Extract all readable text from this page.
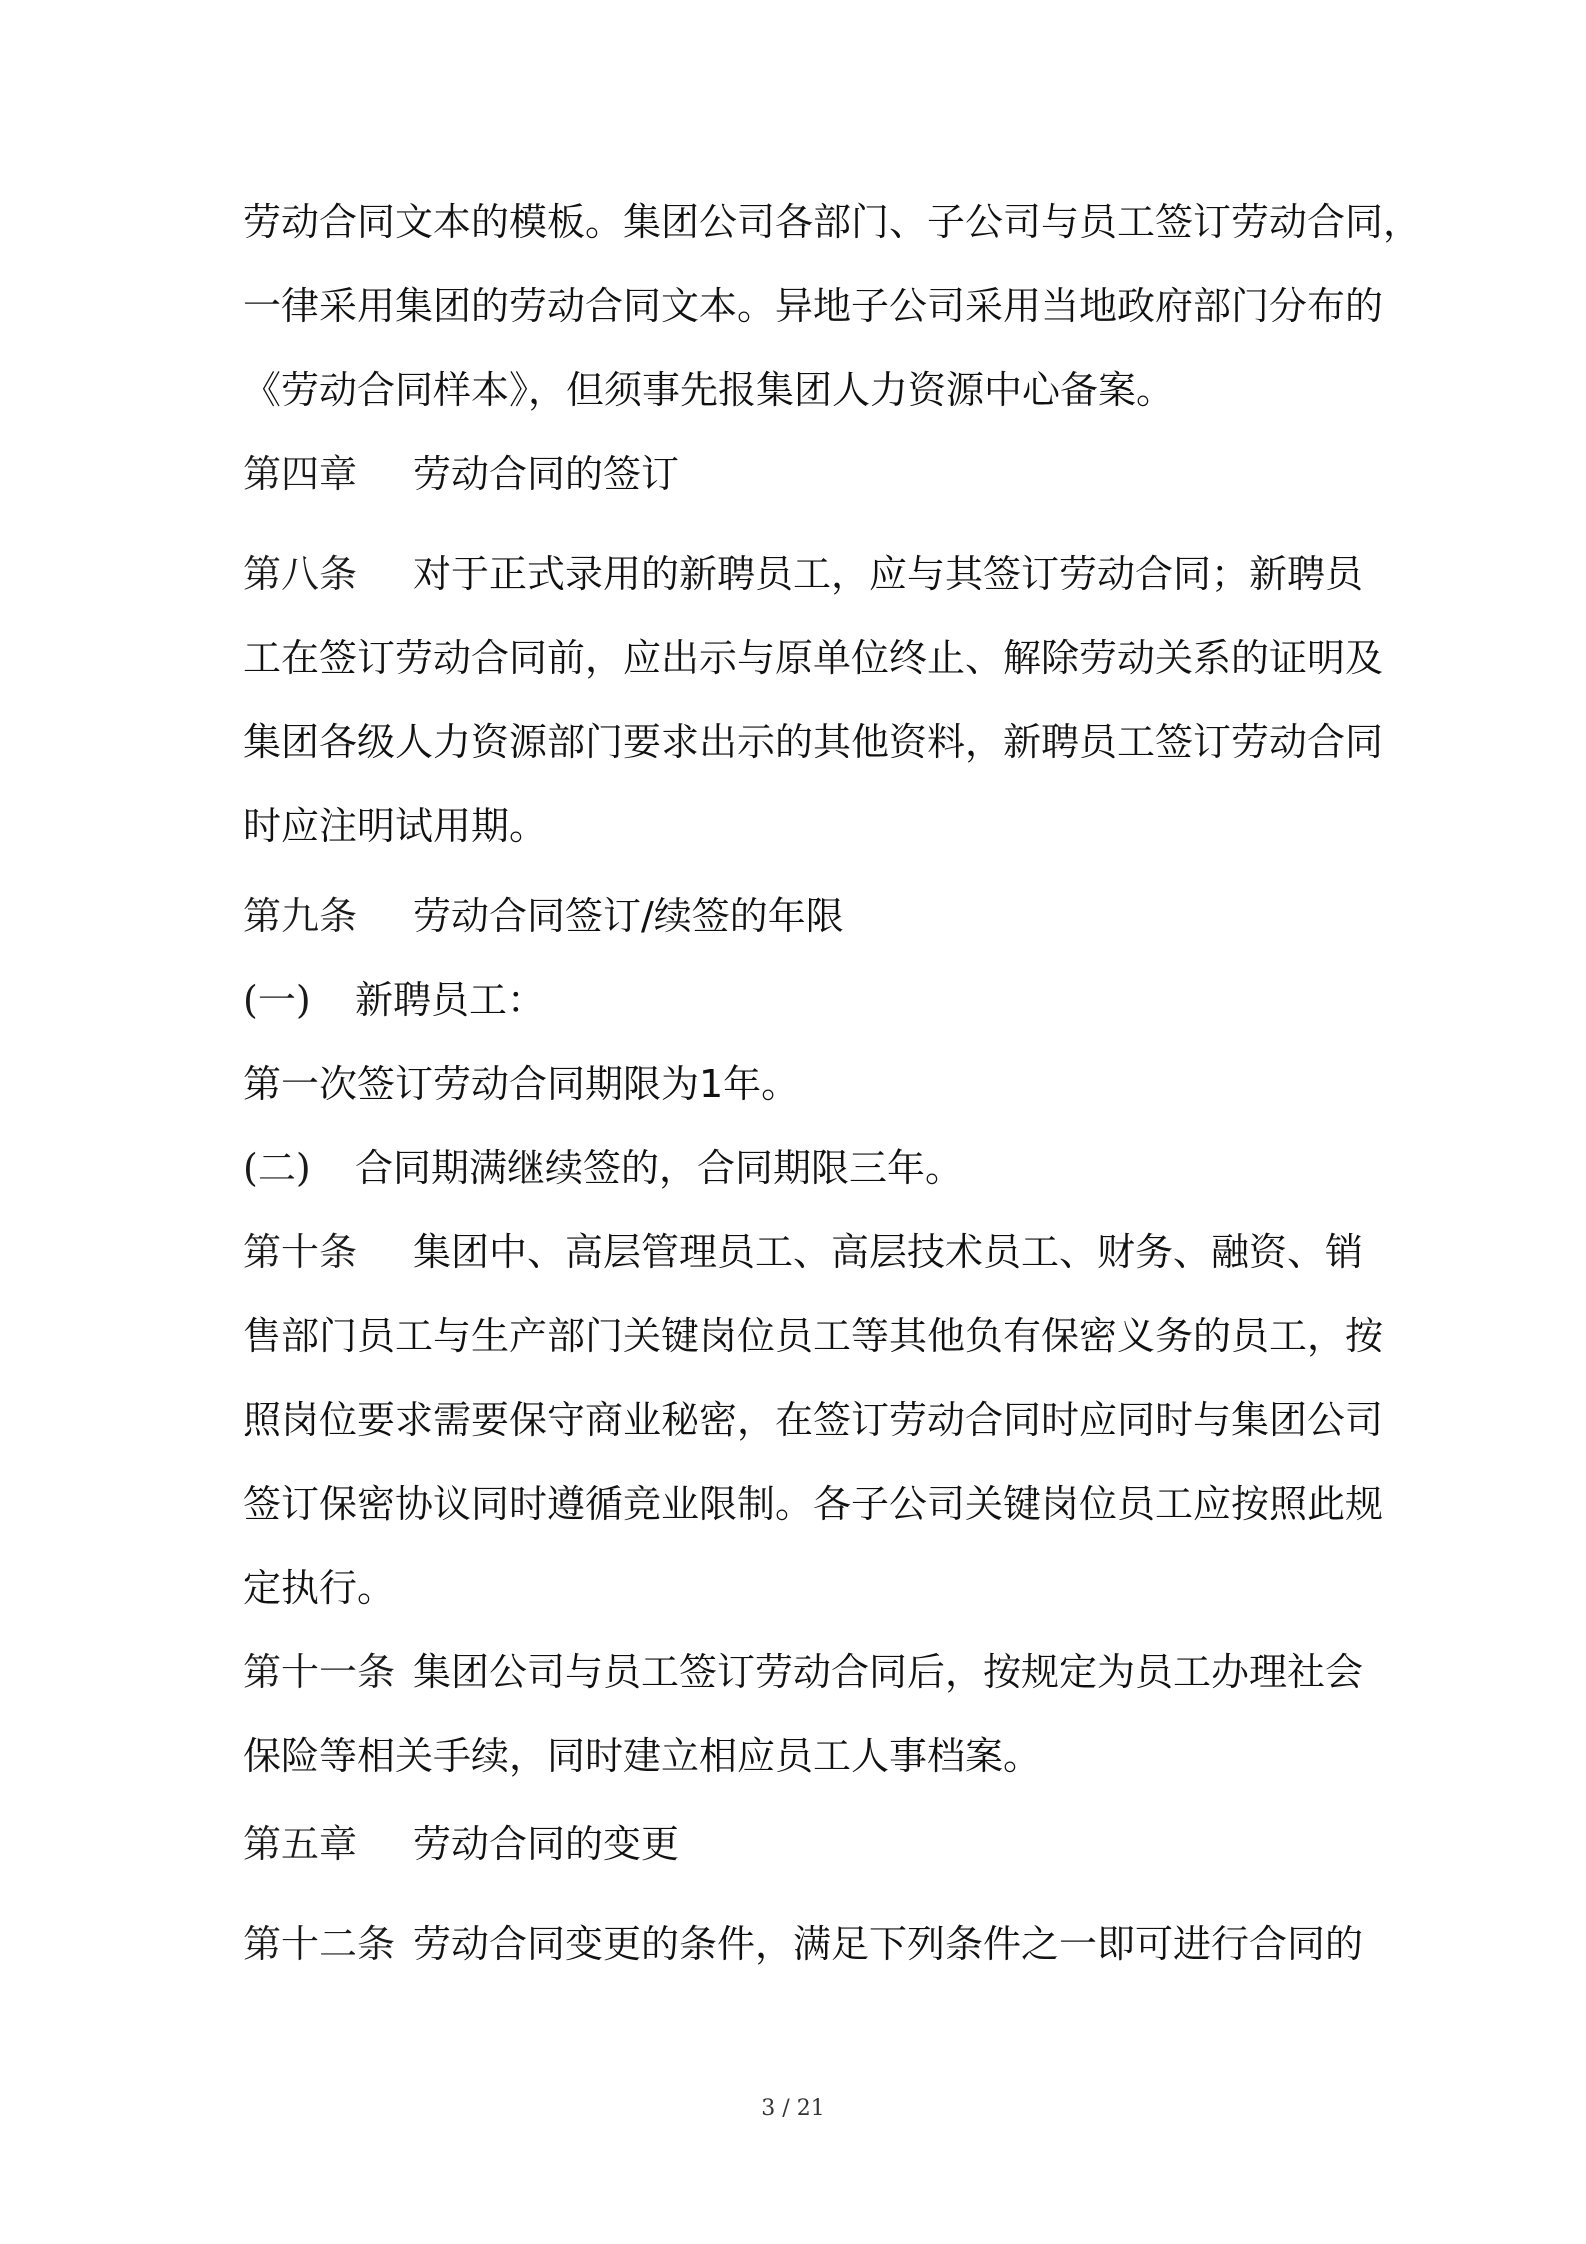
劳动合同文本的模板。集团公司各部门、子公司与员工签订劳动合同，
一律采用集团的劳动合同文本。异地子公司采用当地政府部门分布的
《劳动合同样本》，但须事先报集团人力资源中心备案。
第四章 劳动合同的签订
第八条 对于正式录用的新聘员工，应与其签订劳动合同；新聘员
工在签订劳动合同前，应出示与原单位终止、解除劳动关系的证明及
集团各级人力资源部门要求出示的其他资料，新聘员工签订劳动合同
时应注明试用期。
第九条 劳动合同签订/续签的年限
(一) 新聘员工：
第一次签订劳动合同期限为1年。
(二) 合同期满继续签的，合同期限三年。
第十条 集团中、高层管理员工、高层技术员工、财务、融资、销
售部门员工与生产部门关键岗位员工等其他负有保密义务的员工，按
照岗位要求需要保守商业秘密，在签订劳动合同时应同时与集团公司
签订保密协议同时遵循竞业限制。各子公司关键岗位员工应按照此规
定执行。
第十一条 集团公司与员工签订劳动合同后，按规定为员工办理社会
保险等相关手续，同时建立相应员工人事档案。
第五章 劳动合同的变更
第十二条 劳动合同变更的条件，满足下列条件之一即可进行合同的
3 / 21
